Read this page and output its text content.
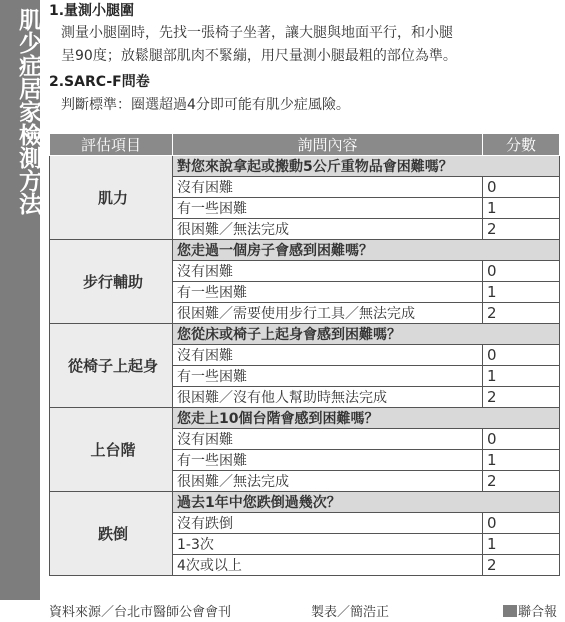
肌少症居家檢測方法 1.量測小腿圍

測量小腿圍時，先找一張椅子坐著，讓大腿與地面平行，和小腿

呈90度；放鬆腿部肌肉不緊繃，用尺量測小腿最粗的部位為準。

2.SARC-F問卷

判斷標準：圈選超過4分即可能有肌少症風險。

評估項目	詢問內容	分數
肌力	對您來說拿起或搬動5公斤重物品會困難嗎？	
	沒有困難	0
	有一些困難	1
	很困難／無法完成	2
步行輔助	您走過一個房子會感到困難嗎？	
	沒有困難	0
	有一些困難	1
	很困難／需要使用步行工具／無法完成	2
從椅子上起身	您從床或椅子上起身會感到困難嗎？	
	沒有困難	0
	有一些困難	1
	很困難／沒有他人幫助時無法完成	2
上台階	您走上10個台階會感到困難嗎？	
	沒有困難	0
	有一些困難	1
	很困難／無法完成	2
跌倒	過去1年中您跌倒過幾次？	
	沒有跌倒	0
	1-3次	1
	4次或以上	2
資料來源／台北市醫師公會會刊	製表／簡浩正	聯合報
